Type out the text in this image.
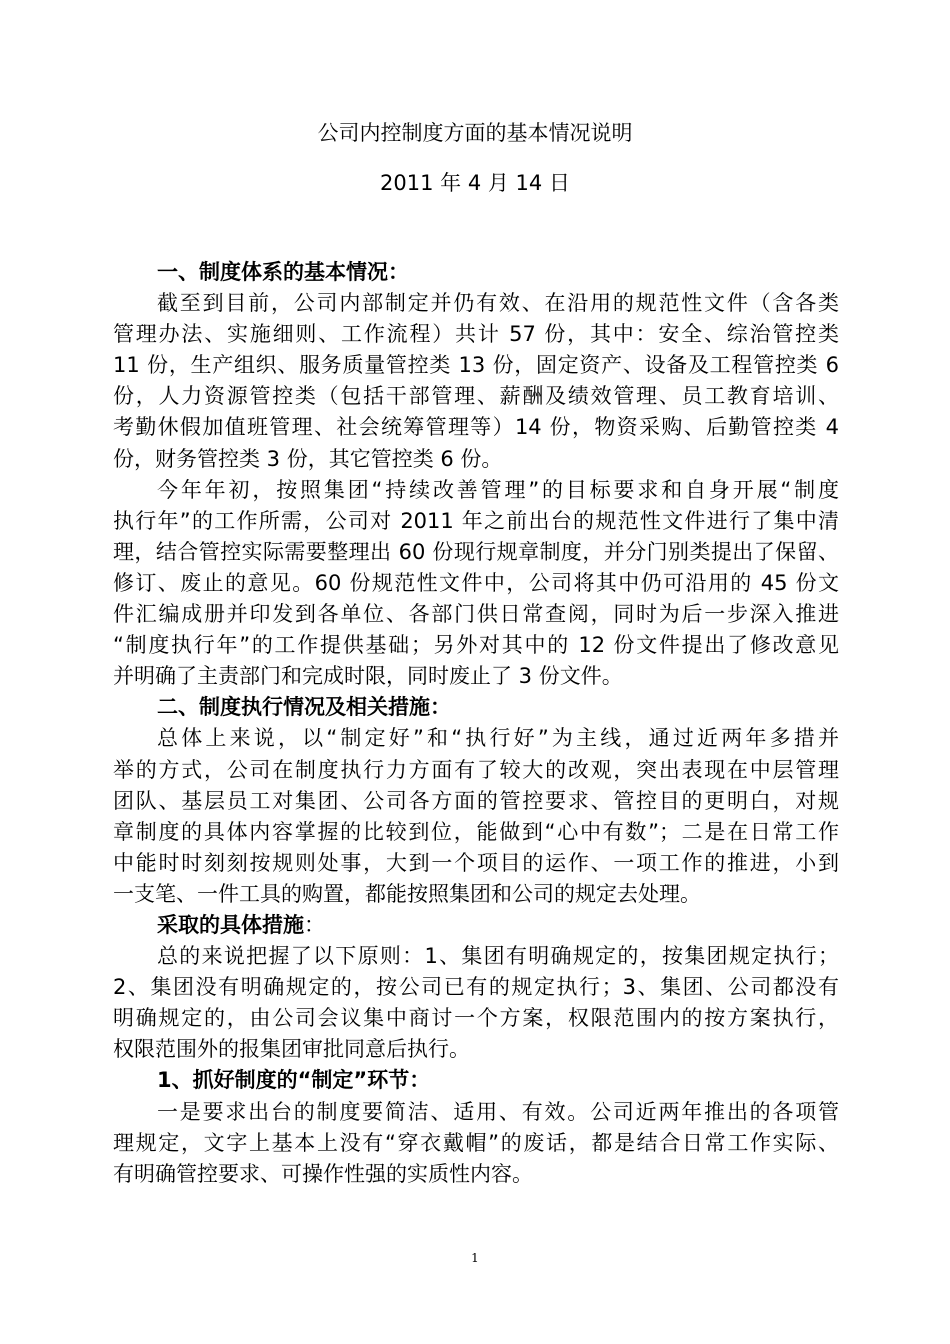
公司内控制度方面的基本情况说明
2011 年 4 月 14 日
一、制度体系的基本情况：
截至到目前，公司内部制定并仍有效、在沿用的规范性文件（含各类
管理办法、实施细则、工作流程）共计 57 份，其中：安全、综治管控类
11 份，生产组织、服务质量管控类 13 份，固定资产、设备及工程管控类 6
份，人力资源管控类（包括干部管理、薪酬及绩效管理、员工教育培训、
考勤休假加值班管理、社会统筹管理等）14 份，物资采购、后勤管控类 4
份，财务管控类 3 份，其它管控类 6 份。
今年年初，按照集团“持续改善管理”的目标要求和自身开展“制度
执行年”的工作所需，公司对 2011 年之前出台的规范性文件进行了集中清
理，结合管控实际需要整理出 60 份现行规章制度，并分门别类提出了保留、
修订、废止的意见。60 份规范性文件中，公司将其中仍可沿用的 45 份文
件汇编成册并印发到各单位、各部门供日常查阅，同时为后一步深入推进
“制度执行年”的工作提供基础；另外对其中的 12 份文件提出了修改意见
并明确了主责部门和完成时限，同时废止了 3 份文件。
二、制度执行情况及相关措施：
总体上来说，以“制定好”和“执行好”为主线，通过近两年多措并
举的方式，公司在制度执行力方面有了较大的改观，突出表现在中层管理
团队、基层员工对集团、公司各方面的管控要求、管控目的更明白，对规
章制度的具体内容掌握的比较到位，能做到“心中有数”；二是在日常工作
中能时时刻刻按规则处事，大到一个项目的运作、一项工作的推进，小到
一支笔、一件工具的购置，都能按照集团和公司的规定去处理。
采取的具体措施：
总的来说把握了以下原则：1、集团有明确规定的，按集团规定执行；
2、集团没有明确规定的，按公司已有的规定执行；3、集团、公司都没有
明确规定的，由公司会议集中商讨一个方案，权限范围内的按方案执行，
权限范围外的报集团审批同意后执行。
1、抓好制度的“制定”环节：
一是要求出台的制度要简洁、适用、有效。公司近两年推出的各项管
理规定，文字上基本上没有“穿衣戴帽”的废话，都是结合日常工作实际、
有明确管控要求、可操作性强的实质性内容。
1
